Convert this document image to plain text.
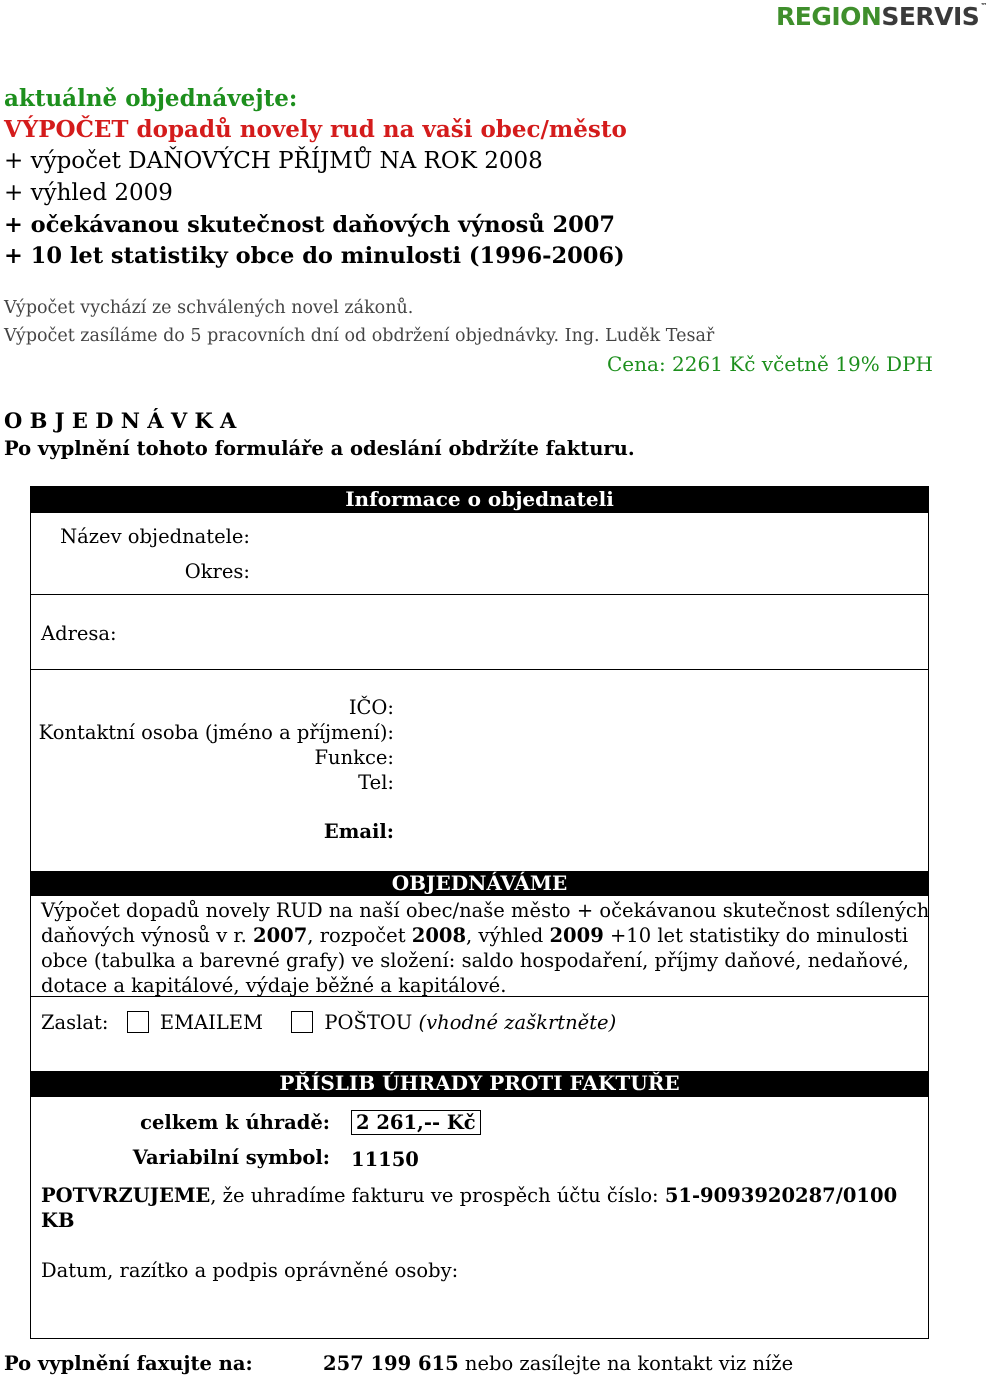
REGIONSERVIS™
aktuálně objednávejte:
VÝPOČET dopadů novely rud na vaši obec/město
+ výpočet DAŇOVÝCH PŘÍJMŮ NA ROK 2008
+ výhled 2009
+ očekávanou skutečnost daňových výnosů 2007
+ 10 let statistiky obce do minulosti (1996-2006)
Výpočet vychází ze schválených novel zákonů.
Výpočet zasíláme do 5 pracovních dní od obdržení objednávky. Ing. Luděk Tesař
Cena: 2261 Kč včetně 19% DPH
O B J E D N Á V K A
Po vyplnění tohoto formuláře a odeslání obdržíte fakturu.
Informace o objednateli
Název objednatele:
Okres:
Adresa:
IČO:
Kontaktní osoba (jméno a příjmení):
Funkce:
Tel:
Email:
OBJEDNÁVÁME
Výpočet dopadů novely RUD na naší obec/naše město + očekávanou skutečnost sdílených
daňových výnosů v r. 2007, rozpočet 2008, výhled 2009 +10 let statistiky do minulosti
obce (tabulka a barevné grafy) ve složení: saldo hospodaření, příjmy daňové, nedaňové,
dotace a kapitálové, výdaje běžné a kapitálové.
Zaslat:	EMAILEM	POŠTOU (vhodné zaškrtněte)
PŘÍSLIB ÚHRADY PROTI FAKTUŘE
celkem k úhradě: 2 261,-- Kč
Variabilní symbol: 11150
POTVRZUJEME, že uhradíme fakturu ve prospěch účtu číslo: 51-9093920287/0100
KB
Datum, razítko a podpis oprávněné osoby:
Po vyplnění faxujte na:	257 199 615 nebo zasílejte na kontakt viz níže
